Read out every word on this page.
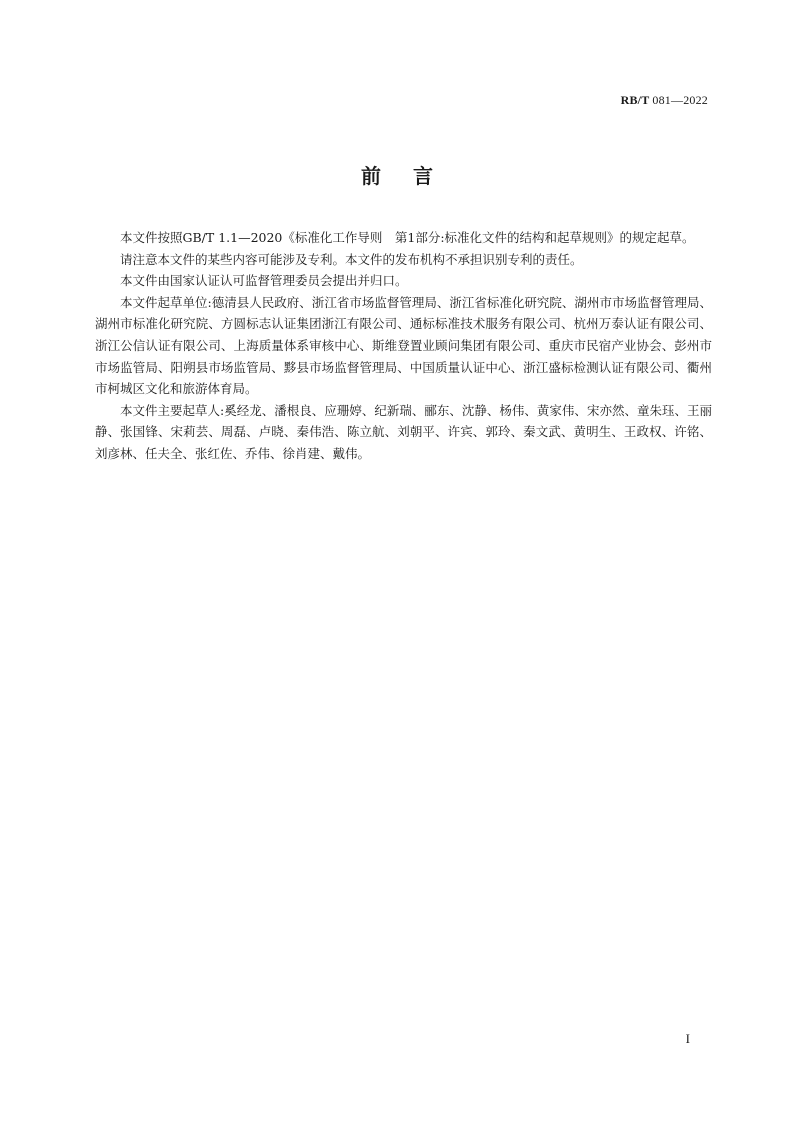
RB/T 081—2022
前言

本文件按照GB/T 1.1—2020《标准化工作导则　第1部分:标准化文件的结构和起草规则》的规定起草。

请注意本文件的某些内容可能涉及专利。本文件的发布机构不承担识别专利的责任。

本文件由国家认证认可监督管理委员会提出并归口。

本文件起草单位:德清县人民政府、浙江省市场监督管理局、浙江省标准化研究院、湖州市市场监督管理局、湖州市标准化研究院、方圆标志认证集团浙江有限公司、通标标准技术服务有限公司、杭州万泰认证有限公司、浙江公信认证有限公司、上海质量体系审核中心、斯维登置业顾问集团有限公司、重庆市民宿产业协会、彭州市市场监管局、阳朔县市场监管局、黟县市场监督管理局、中国质量认证中心、浙江盛标检测认证有限公司、衢州市柯城区文化和旅游体育局。

本文件主要起草人:奚经龙、潘根良、应珊婷、纪新瑞、郦东、沈静、杨伟、黄家伟、宋亦然、童朱珏、王丽静、张国锋、宋莉芸、周磊、卢晓、秦伟浩、陈立航、刘朝平、许宾、郭玲、秦文武、黄明生、王政权、许铭、刘彦林、任夫全、张红佐、乔伟、徐肖建、戴伟。

I
